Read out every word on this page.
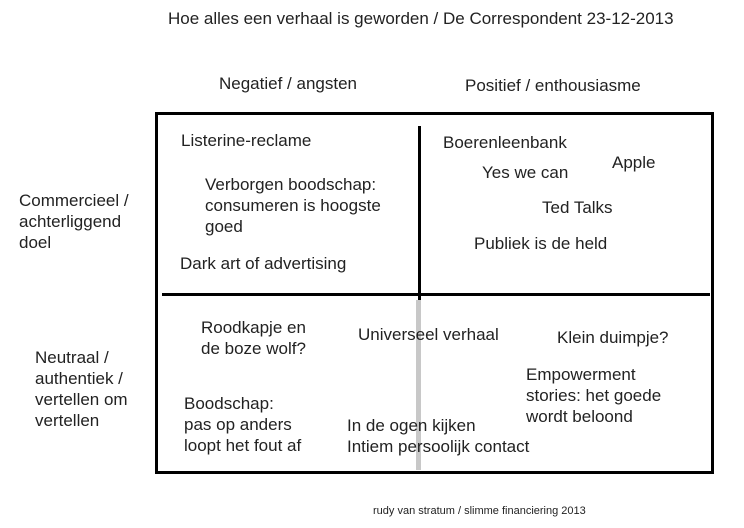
Hoe alles een verhaal is geworden / De Correspondent 23-12-2013
Negatief / angsten	Positief / enthousiasme
Commercieel /
achterliggend
doel
Neutraal /
authentiek /
vertellen om
vertellen
Listerine-reclame
Verborgen boodschap:
consumeren is hoogste
goed
Dark art of advertising
Boerenleenbank
Yes we can
Apple
Ted Talks
Publiek is de held
Roodkapje en
de boze wolf?
Boodschap:
pas op anders
loopt het fout af
Universeel verhaal
In de ogen kijken
Intiem persoolijk contact
Klein duimpje?
Empowerment
stories: het goede
wordt beloond
rudy van stratum / slimme financiering 2013
